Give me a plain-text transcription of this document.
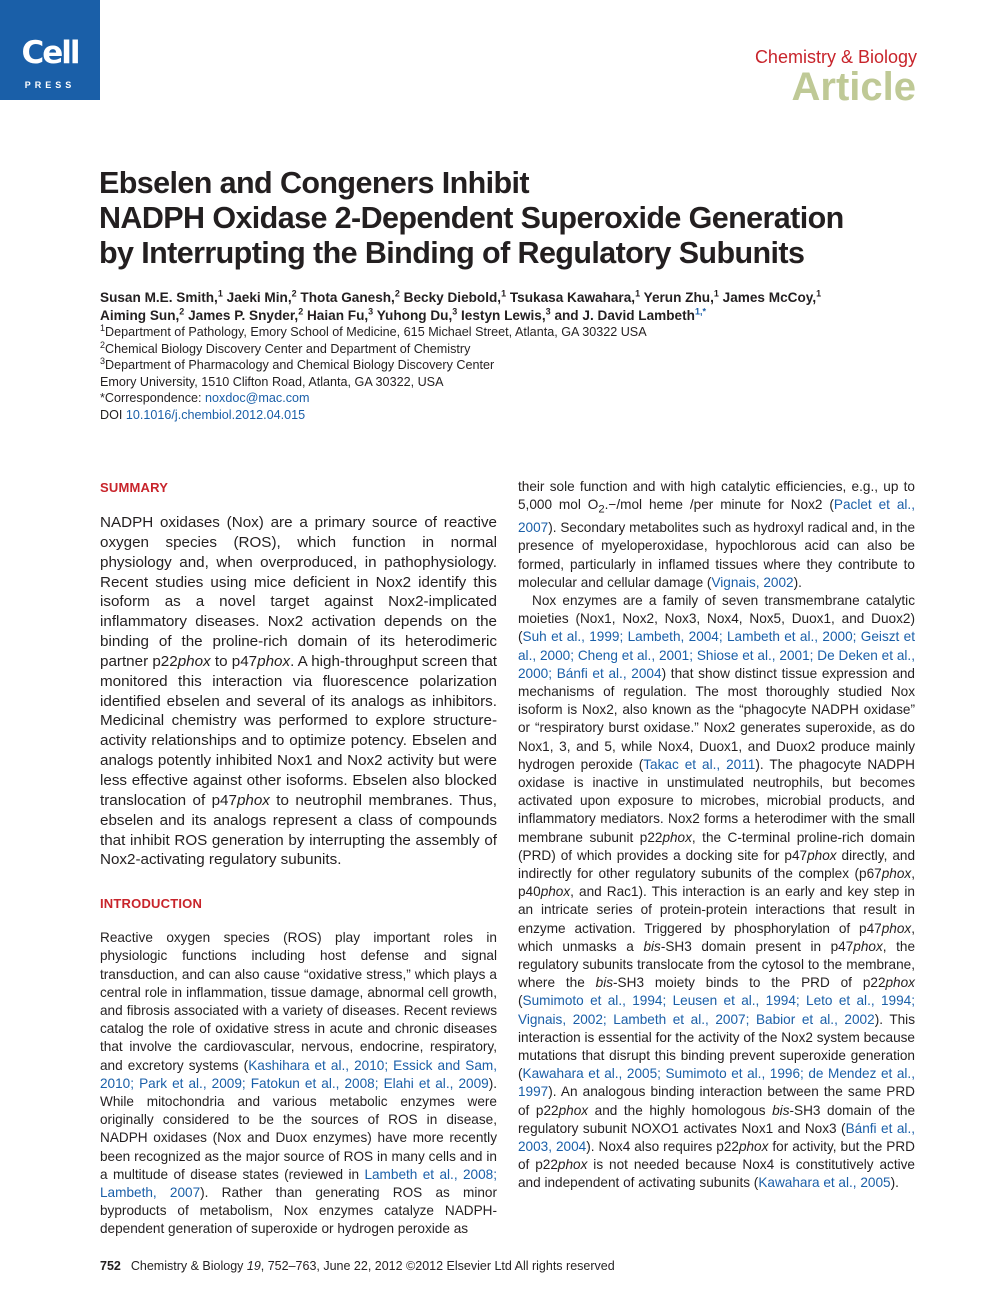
Cell
PRESS
Chemistry & Biology
Article
Ebselen and Congeners Inhibit
NADPH Oxidase 2-Dependent Superoxide Generation
by Interrupting the Binding of Regulatory Subunits
Susan M.E. Smith,$^1$ Jaeki Min,$^2$ Thota Ganesh,$^2$ Becky Diebold,$^1$ Tsukasa Kawahara,$^1$ Yerun Zhu,$^1$ James McCoy,$^1$
Aiming Sun,$^2$ James P. Snyder,$^2$ Haian Fu,$^3$ Yuhong Du,$^3$ Iestyn Lewis,$^3$ and J. David Lambeth$^{1,*}$
$^1$Department of Pathology, Emory School of Medicine, 615 Michael Street, Atlanta, GA 30322 USA
$^2$Chemical Biology Discovery Center and Department of Chemistry
$^3$Department of Pharmacology and Chemical Biology Discovery Center
Emory University, 1510 Clifton Road, Atlanta, GA 30322, USA
*Correspondence: noxdoc@mac.com
DOI 10.1016/j.chembiol.2012.04.015
SUMMARY

NADPH oxidases (Nox) are a primary source of reactive oxygen species (ROS), which function in normal physiology and, when overproduced, in pathophysiology. Recent studies using mice deficient in Nox2 identify this isoform as a novel target against Nox2-implicated inflammatory diseases. Nox2 activation depends on the binding of the proline-rich domain of its heterodimeric partner p22phox to p47phox. A high-throughput screen that monitored this interaction via fluorescence polarization identified ebselen and several of its analogs as inhibitors. Medicinal chemistry was performed to explore structure-activity relationships and to optimize potency. Ebselen and analogs potently inhibited Nox1 and Nox2 activity but were less effective against other isoforms. Ebselen also blocked translocation of p47phox to neutrophil membranes. Thus, ebselen and its analogs represent a class of compounds that inhibit ROS generation by interrupting the assembly of Nox2-activating regulatory subunits.

INTRODUCTION

Reactive oxygen species (ROS) play important roles in physiologic functions including host defense and signal transduction, and can also cause “oxidative stress,” which plays a central role in inflammation, tissue damage, abnormal cell growth, and fibrosis associated with a variety of diseases. Recent reviews catalog the role of oxidative stress in acute and chronic diseases that involve the cardiovascular, nervous, endocrine, respiratory, and excretory systems (Kashihara et al., 2010; Essick and Sam, 2010; Park et al., 2009; Fatokun et al., 2008; Elahi et al., 2009). While mitochondria and various metabolic enzymes were originally considered to be the sources of ROS in disease, NADPH oxidases (Nox and Duox enzymes) have more recently been recognized as the major source of ROS in many cells and in a multitude of disease states (reviewed in Lambeth et al., 2008; Lambeth, 2007). Rather than generating ROS as minor byproducts of metabolism, Nox enzymes catalyze NADPH-dependent generation of superoxide or hydrogen peroxide as

their sole function and with high catalytic efficiencies, e.g., up to 5,000 mol $O_2.-$/mol heme /per minute for Nox2 (Paclet et al., 2007). Secondary metabolites such as hydroxyl radical and, in the presence of myeloperoxidase, hypochlorous acid can also be formed, particularly in inflamed tissues where they contribute to molecular and cellular damage (Vignais, 2002).

Nox enzymes are a family of seven transmembrane catalytic moieties (Nox1, Nox2, Nox3, Nox4, Nox5, Duox1, and Duox2) (Suh et al., 1999; Lambeth, 2004; Lambeth et al., 2000; Geiszt et al., 2000; Cheng et al., 2001; Shiose et al., 2001; De Deken et al., 2000; Bánfi et al., 2004) that show distinct tissue expression and mechanisms of regulation. The most thoroughly studied Nox isoform is Nox2, also known as the “phagocyte NADPH oxidase” or “respiratory burst oxidase.” Nox2 generates superoxide, as do Nox1, 3, and 5, while Nox4, Duox1, and Duox2 produce mainly hydrogen peroxide (Takac et al., 2011). The phagocyte NADPH oxidase is inactive in unstimulated neutrophils, but becomes activated upon exposure to microbes, microbial products, and inflammatory mediators. Nox2 forms a heterodimer with the small membrane subunit p22phox, the C-terminal proline-rich domain (PRD) of which provides a docking site for p47phox directly, and indirectly for other regulatory subunits of the complex (p67phox, p40phox, and Rac1). This interaction is an early and key step in an intricate series of protein-protein interactions that result in enzyme activation. Triggered by phosphorylation of p47phox, which unmasks a bis-SH3 domain present in p47phox, the regulatory subunits translocate from the cytosol to the membrane, where the bis-SH3 moiety binds to the PRD of p22phox (Sumimoto et al., 1994; Leusen et al., 1994; Leto et al., 1994; Vignais, 2002; Lambeth et al., 2007; Babior et al., 2002). This interaction is essential for the activity of the Nox2 system because mutations that disrupt this binding prevent superoxide generation (Kawahara et al., 2005; Sumimoto et al., 1996; de Mendez et al., 1997). An analogous binding interaction between the same PRD of p22phox and the highly homologous bis-SH3 domain of the regulatory subunit NOXO1 activates Nox1 and Nox3 (Bánfi et al., 2003, 2004). Nox4 also requires p22phox for activity, but the PRD of p22phox is not needed because Nox4 is constitutively active and independent of activating subunits (Kawahara et al., 2005).

752 Chemistry & Biology 19, 752–763, June 22, 2012 ©2012 Elsevier Ltd All rights reserved
